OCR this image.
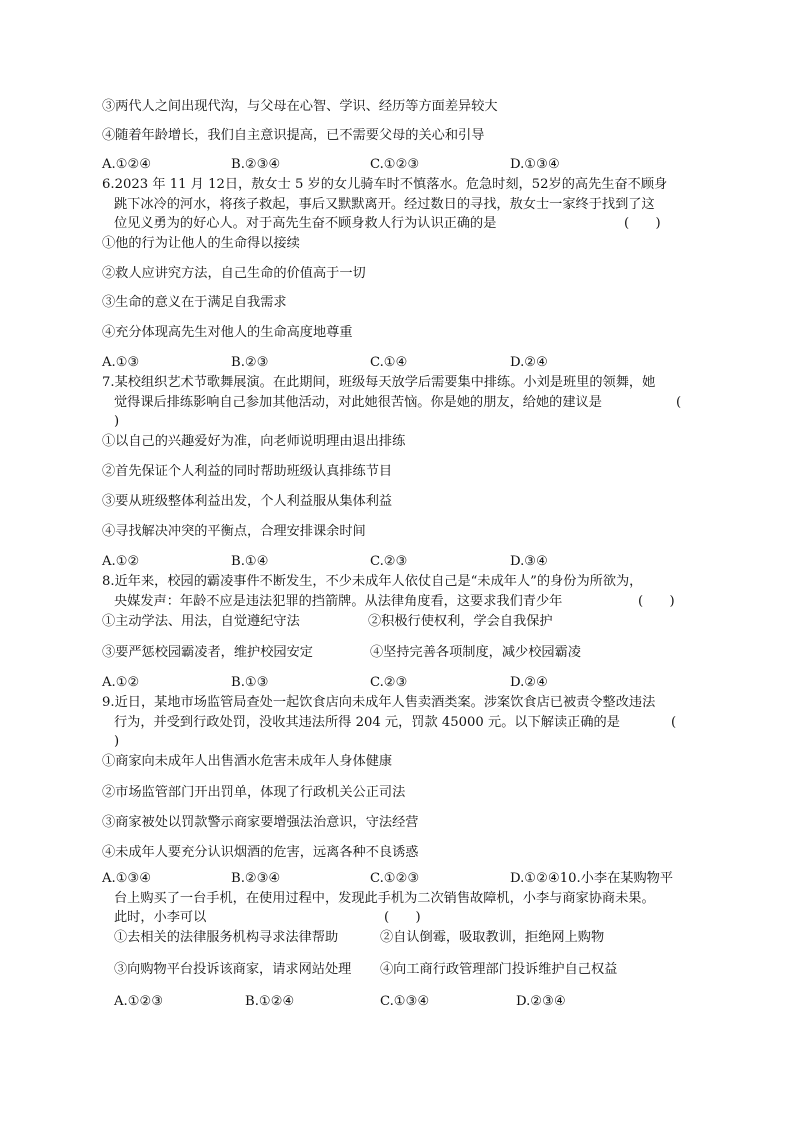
③两代人之间出现代沟，与父母在心智、学识、经历等方面差异较大
④随着年龄增长，我们自主意识提高，已不需要父母的关心和引导
A.①②④	B.②③④	C.①②③	D.①③④
6.2023 年 11 月 12日，敖女士 5 岁的女儿骑车时不慎落水。危急时刻，52岁的高先生奋不顾身
跳下冰冷的河水，将孩子救起，事后又默默离开。经过数日的寻找，敖女士一家终于找到了这
位见义勇为的好心人。对于高先生奋不顾身救人行为认识正确的是	(　　)
①他的行为让他人的生命得以接续
②救人应讲究方法，自己生命的价值高于一切
③生命的意义在于满足自我需求
④充分体现高先生对他人的生命高度地尊重
A.①③	B.②③	C.①④	D.②④
7.某校组织艺术节歌舞展演。在此期间，班级每天放学后需要集中排练。小刘是班里的领舞，她
觉得课后排练影响自己参加其他活动，对此她很苦恼。你是她的朋友，给她的建议是	(
)
①以自己的兴趣爱好为准，向老师说明理由退出排练
②首先保证个人利益的同时帮助班级认真排练节目
③要从班级整体利益出发，个人利益服从集体利益
④寻找解决冲突的平衡点，合理安排课余时间
A.①②	B.①④	C.②③	D.③④
8.近年来，校园的霸凌事件不断发生，不少未成年人依仗自己是“未成年人”的身份为所欲为，
央媒发声：年龄不应是违法犯罪的挡箭牌。从法律角度看，这要求我们青少年	(　　)
①主动学法、用法，自觉遵纪守法	②积极行使权利，学会自我保护
③要严惩校园霸凌者，维护校园安定	④坚持完善各项制度，减少校园霸凌
A.①②	B.①③	C.②③	D.②④
9.近日，某地市场监管局查处一起饮食店向未成年人售卖酒类案。涉案饮食店已被责令整改违法
行为，并受到行政处罚，没收其违法所得 204 元，罚款 45000 元。以下解读正确的是	(
)
①商家向未成年人出售酒水危害未成年人身体健康
②市场监管部门开出罚单，体现了行政机关公正司法
③商家被处以罚款警示商家要增强法治意识，守法经营
④未成年人要充分认识烟酒的危害，远离各种不良诱惑
A.①③④	B.②③④	C.①②③	D.①②④10.小李在某购物平
台上购买了一台手机，在使用过程中，发现此手机为二次销售故障机，小李与商家协商未果。
此时，小李可以	(　　)
①去相关的法律服务机构寻求法律帮助	②自认倒霉，吸取教训，拒绝网上购物
③向购物平台投诉该商家，请求网站处理 ④向工商行政管理部门投诉维护自己权益
A.①②③	B.①②④	C.①③④	D.②③④
